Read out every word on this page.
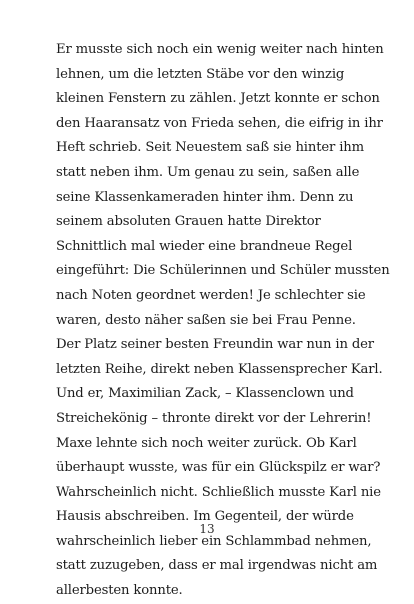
Er musste sich noch ein wenig weiter nach hinten
lehnen, um die letzten Stäbe vor den winzig
kleinen Fenstern zu zählen. Jetzt konnte er schon
den Haaransatz von Frieda sehen, die eifrig in ihr
Heft schrieb. Seit Neuestem saß sie hinter ihm
statt neben ihm. Um genau zu sein, saßen alle
seine Klassenkameraden hinter ihm. Denn zu
seinem absoluten Grauen hatte Direktor
Schnittlich mal wieder eine brandneue Regel
eingeführt: Die Schülerinnen und Schüler mussten
nach Noten geordnet werden! Je schlechter sie
waren, desto näher saßen sie bei Frau Penne.
Der Platz seiner besten Freundin war nun in der
letzten Reihe, direkt neben Klassensprecher Karl.
Und er, Maximilian Zack, – Klassenclown und
Streichekönig – thronte direkt vor der Lehrerin!
Maxe lehnte sich noch weiter zurück. Ob Karl
überhaupt wusste, was für ein Glückspilz er war?
Wahrscheinlich nicht. Schließlich musste Karl nie
Hausis abschreiben. Im Gegenteil, der würde
wahrscheinlich lieber ein Schlammbad nehmen,
statt zuzugeben, dass er mal irgendwas nicht am
allerbesten konnte.
13
